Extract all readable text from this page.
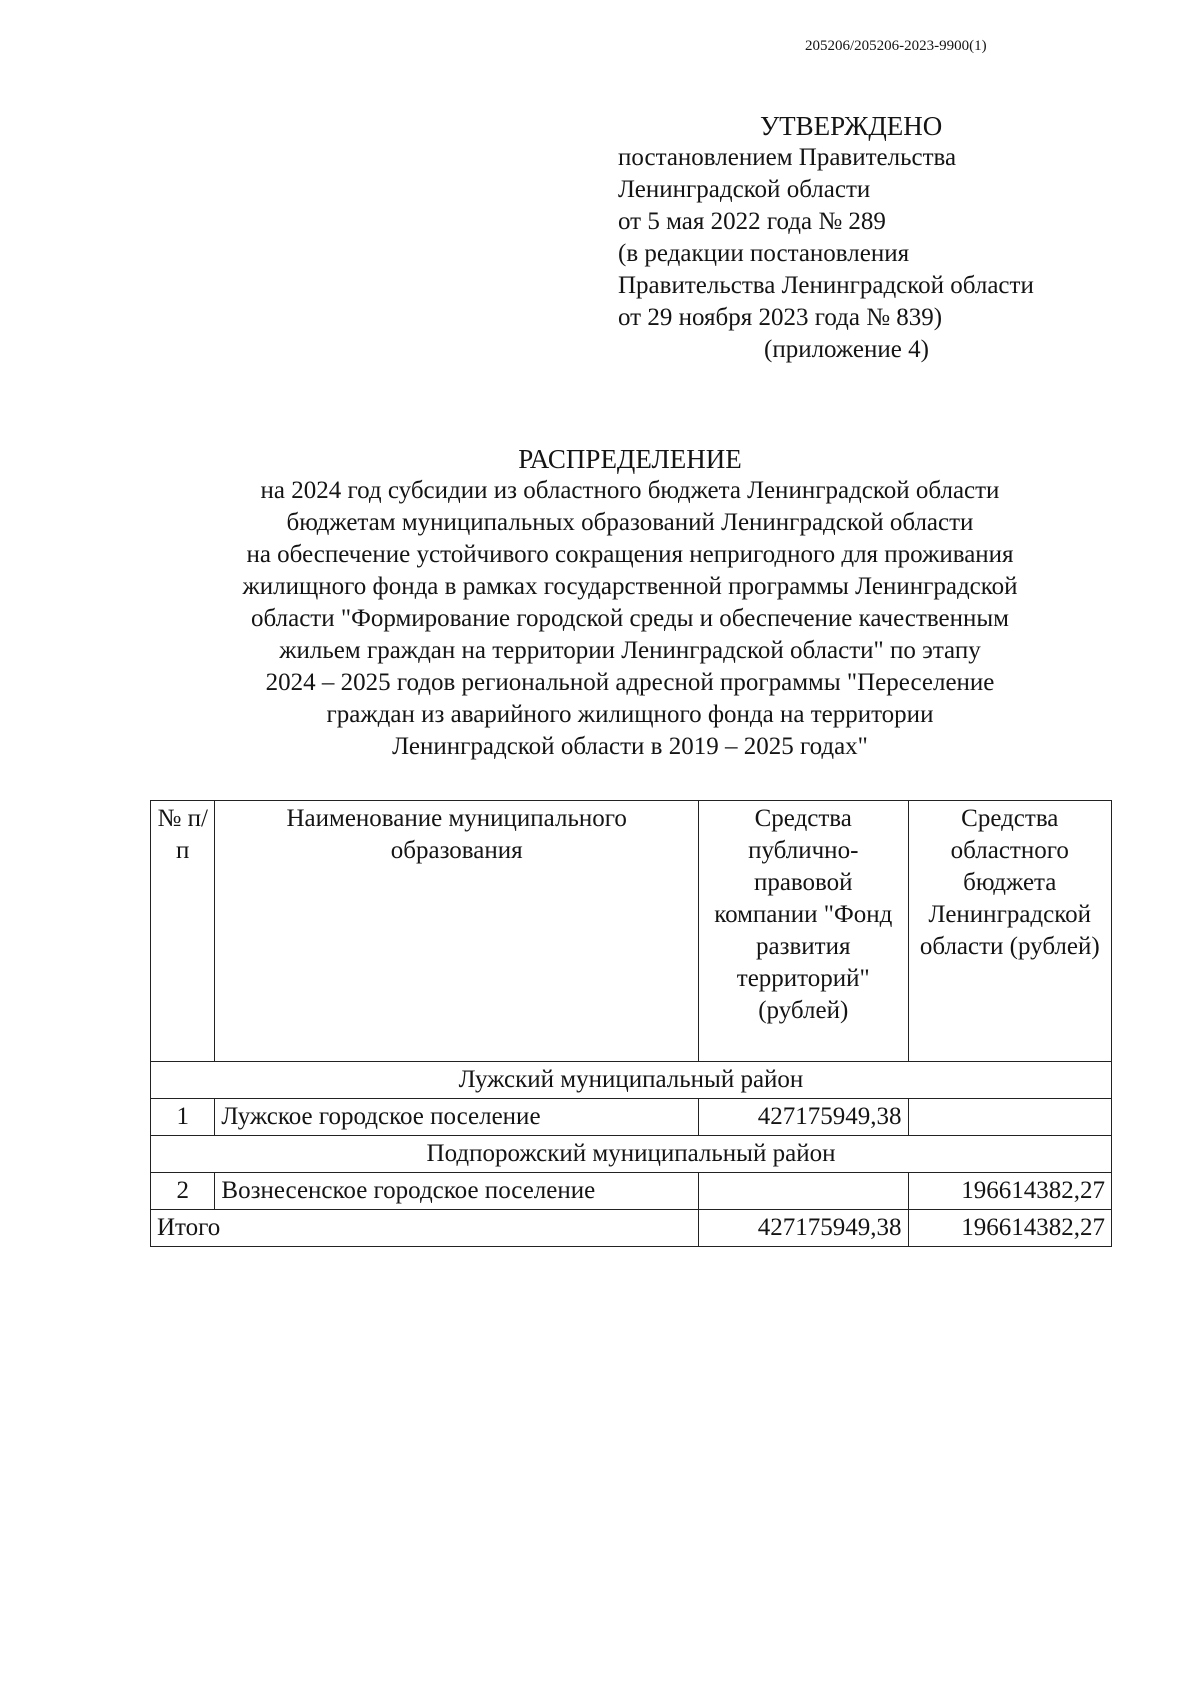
205206/205206-2023-9900(1)
УТВЕРЖДЕНО
постановлением Правительства
Ленинградской области
от 5 мая 2022 года № 289
(в редакции постановления
Правительства Ленинградской области
от 29 ноября 2023 года № 839)
(приложение 4)
РАСПРЕДЕЛЕНИЕ
на 2024 год субсидии из областного бюджета Ленинградской области
бюджетам муниципальных образований Ленинградской области
на обеспечение устойчивого сокращения непригодного для проживания
жилищного фонда в рамках государственной программы Ленинградской
области "Формирование городской среды и обеспечение качественным
жильем граждан на территории Ленинградской области" по этапу
2024 – 2025 годов региональной адресной программы "Переселение
граждан из аварийного жилищного фонда на территории
Ленинградской области в 2019 – 2025 годах"
№ п/п	Наименование муниципального образования	Средства публично-правовой компании "Фонд развития территорий" (рублей)	Средства областного бюджета Ленинградской области (рублей)
Лужский муниципальный район			
1	Лужское городское поселение	427175949,38	
Подпорожский муниципальный район			
2	Вознесенское городское поселение		196614382,27
Итого		427175949,38	196614382,27
